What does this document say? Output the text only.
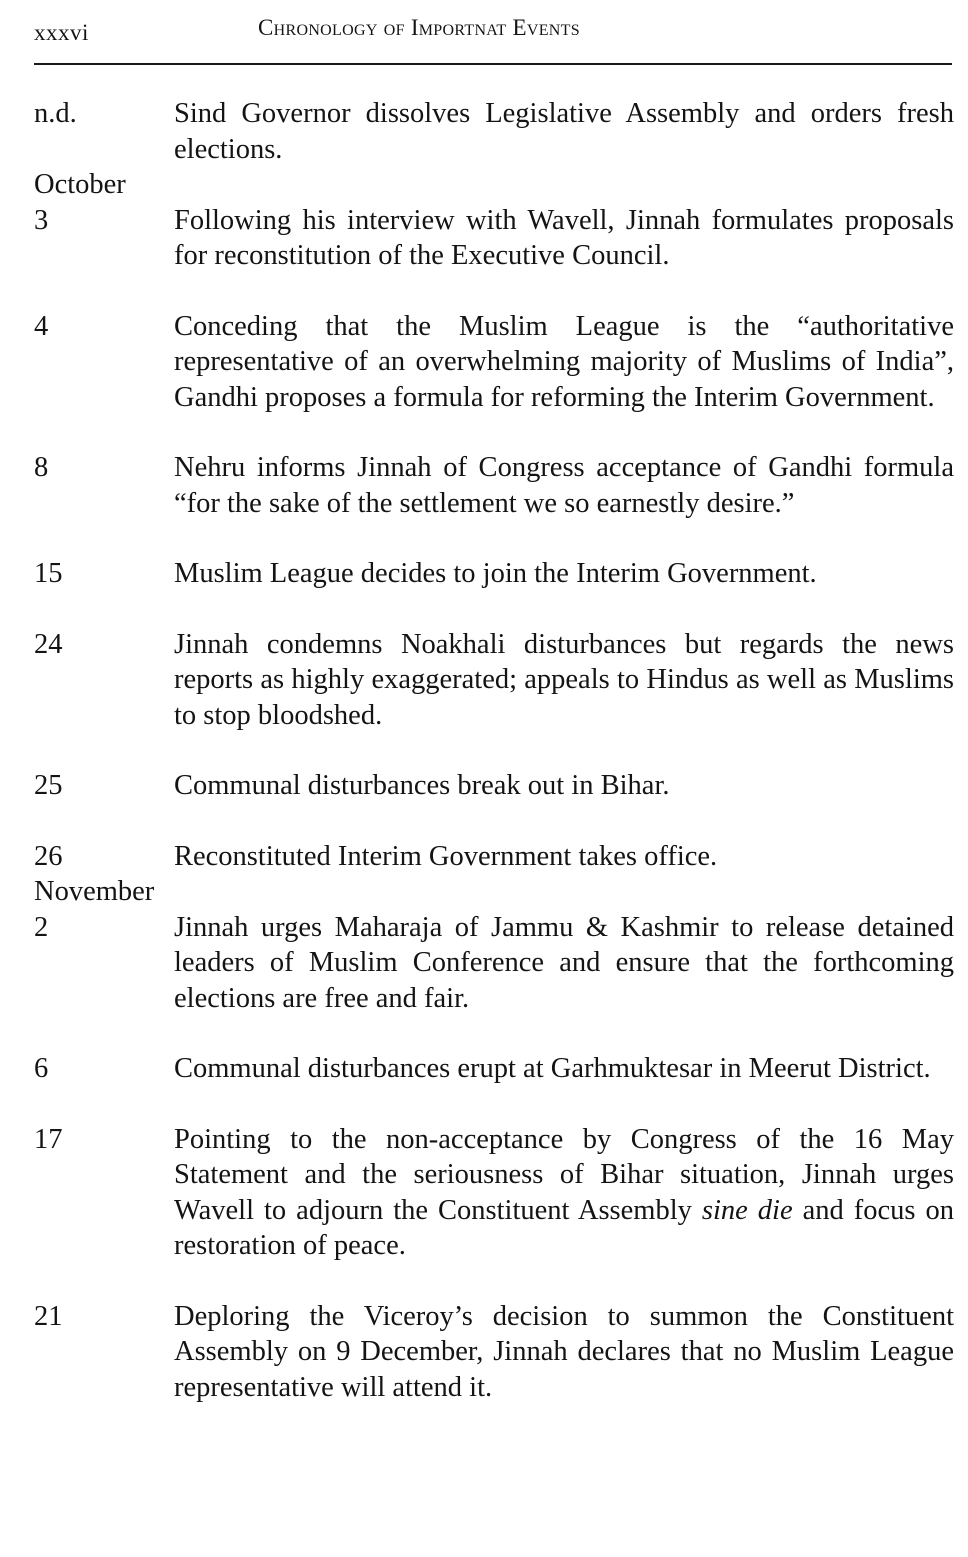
xxxvi	Chronology of Importnat Events
n.d.	Sind Governor dissolves Legislative Assembly and orders fresh elections.
October
3	Following his interview with Wavell, Jinnah formulates proposals for reconstitution of the Executive Council.
4	Conceding that the Muslim League is the “authoritative representative of an overwhelming majority of Muslims of India”, Gandhi proposes a formula for reforming the Interim Government.
8	Nehru informs Jinnah of Congress acceptance of Gandhi formula “for the sake of the settlement we so earnestly desire.”
15	Muslim League decides to join the Interim Government.
24	Jinnah condemns Noakhali disturbances but regards the news reports as highly exaggerated; appeals to Hindus as well as Muslims to stop bloodshed.
25	Communal disturbances break out in Bihar.
26	Reconstituted Interim Government takes office.
November
2	Jinnah urges Maharaja of Jammu & Kashmir to release detained leaders of Muslim Conference and ensure that the forthcoming elections are free and fair.
6	Communal disturbances erupt at Garhmuktesar in Meerut District.
17	Pointing to the non-acceptance by Congress of the 16 May Statement and the seriousness of Bihar situation, Jinnah urges Wavell to adjourn the Constituent Assembly sine die and focus on restoration of peace.
21	Deploring the Viceroy’s decision to summon the Constituent Assembly on 9 December, Jinnah declares that no Muslim League representative will attend it.
